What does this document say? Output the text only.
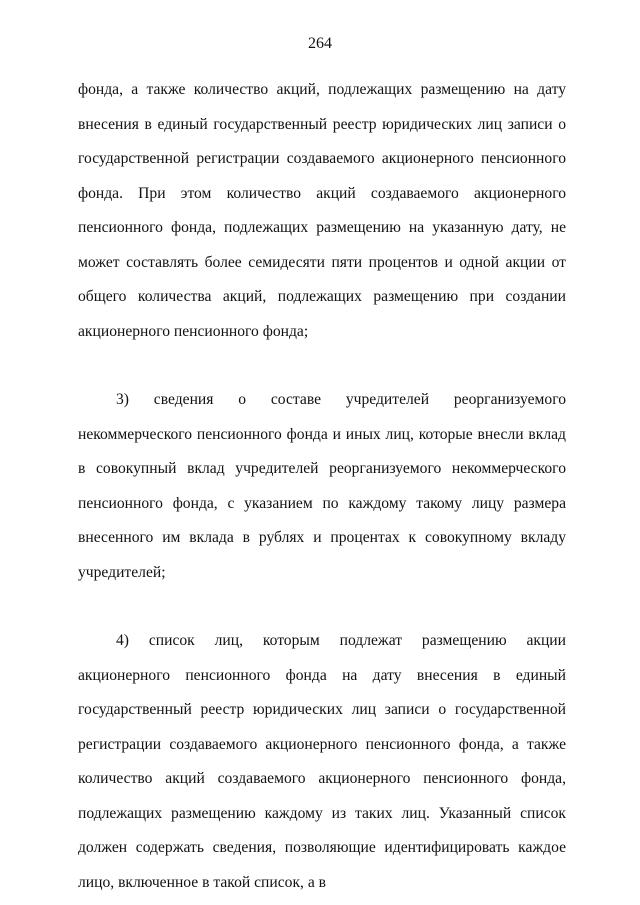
264

фонда, а также количество акций, подлежащих размещению на дату внесения в единый государственный реестр юридических лиц записи о государственной регистрации создаваемого акционерного пенсионного фонда. При этом количество акций создаваемого акционерного пенсионного фонда, подлежащих размещению на указанную дату, не может составлять более семидесяти пяти процентов и одной акции от общего количества акций, подлежащих размещению при создании акционерного пенсионного фонда;

3) сведения о составе учредителей реорганизуемого некоммерческого пенсионного фонда и иных лиц, которые внесли вклад в совокупный вклад учредителей реорганизуемого некоммерческого пенсионного фонда, с указанием по каждому такому лицу размера внесенного им вклада в рублях и процентах к совокупному вкладу учредителей;

4) список лиц, которым подлежат размещению акции акционерного пенсионного фонда на дату внесения в единый государственный реестр юридических лиц записи о государственной регистрации создаваемого акционерного пенсионного фонда, а также количество акций создаваемого акционерного пенсионного фонда, подлежащих размещению каждому из таких лиц. Указанный список должен содержать сведения, позволяющие идентифицировать каждое лицо, включенное в такой список, а в
